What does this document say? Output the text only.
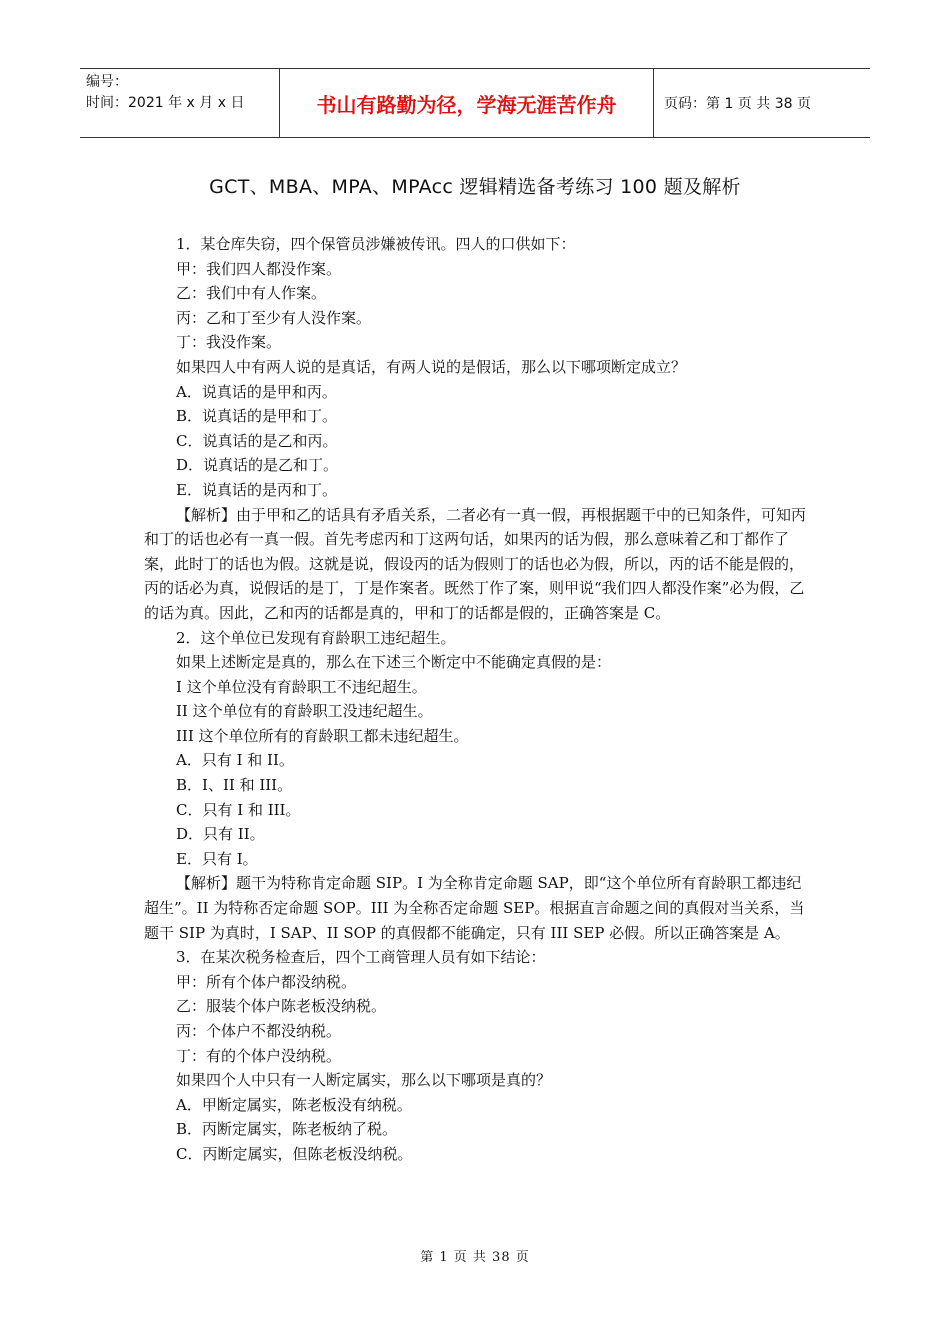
编号：
时间：2021 年 x 月 x 日	书山有路勤为径，学海无涯苦作舟	页码：第 1 页 共 38 页
GCT、MBA、MPA、MPAcc 逻辑精选备考练习 100 题及解析

1．某仓库失窃，四个保管员涉嫌被传讯。四人的口供如下：

甲：我们四人都没作案。

乙：我们中有人作案。

丙：乙和丁至少有人没作案。

丁：我没作案。

如果四人中有两人说的是真话，有两人说的是假话，那么以下哪项断定成立？

A．说真话的是甲和丙。

B．说真话的是甲和丁。

C．说真话的是乙和丙。

D．说真话的是乙和丁。

E．说真话的是丙和丁。

【解析】由于甲和乙的话具有矛盾关系，二者必有一真一假，再根据题干中的已知条件，可知丙和丁的话也必有一真一假。首先考虑丙和丁这两句话，如果丙的话为假，那么意味着乙和丁都作了案，此时丁的话也为假。这就是说，假设丙的话为假则丁的话也必为假，所以，丙的话不能是假的，丙的话必为真，说假话的是丁，丁是作案者。既然丁作了案，则甲说“我们四人都没作案”必为假，乙的话为真。因此，乙和丙的话都是真的，甲和丁的话都是假的，正确答案是 C。

2．这个单位已发现有育龄职工违纪超生。

如果上述断定是真的，那么在下述三个断定中不能确定真假的是：

I 这个单位没有育龄职工不违纪超生。

II 这个单位有的育龄职工没违纪超生。

III 这个单位所有的育龄职工都未违纪超生。

A．只有 I 和 II。

B．I、II 和 III。

C．只有 I 和 III。

D．只有 II。

E．只有 I。

【解析】题干为特称肯定命题 SIP。I 为全称肯定命题 SAP，即“这个单位所有育龄职工都违纪超生”。II 为特称否定命题 SOP。III 为全称否定命题 SEP。根据直言命题之间的真假对当关系，当题干 SIP 为真时，I SAP、II SOP 的真假都不能确定，只有 III SEP 必假。所以正确答案是 A。

3．在某次税务检查后，四个工商管理人员有如下结论：

甲：所有个体户都没纳税。

乙：服装个体户陈老板没纳税。

丙：个体户不都没纳税。

丁：有的个体户没纳税。

如果四个人中只有一人断定属实，那么以下哪项是真的？

A．甲断定属实，陈老板没有纳税。

B．丙断定属实，陈老板纳了税。

C．丙断定属实，但陈老板没纳税。

第 1 页 共 38 页
